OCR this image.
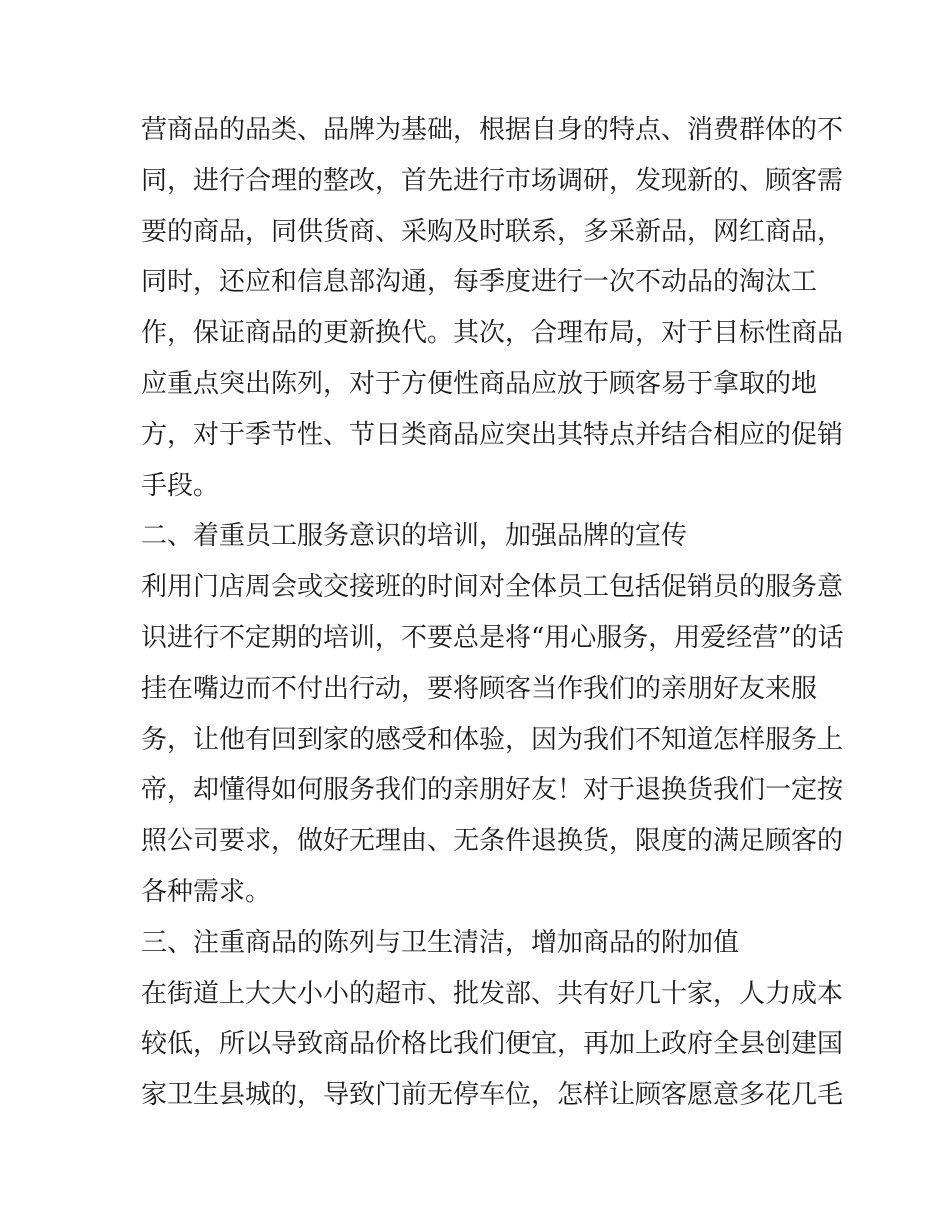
营商品的品类、品牌为基础，根据自身的特点、消费群体的不
同，进行合理的整改，首先进行市场调研，发现新的、顾客需
要的商品，同供货商、采购及时联系，多采新品，网红商品，
同时，还应和信息部沟通，每季度进行一次不动品的淘汰工
作，保证商品的更新换代。其次，合理布局，对于目标性商品
应重点突出陈列，对于方便性商品应放于顾客易于拿取的地
方，对于季节性、节日类商品应突出其特点并结合相应的促销
手段。
二、着重员工服务意识的培训，加强品牌的宣传
利用门店周会或交接班的时间对全体员工包括促销员的服务意
识进行不定期的培训，不要总是将“用心服务，用爱经营”的话
挂在嘴边而不付出行动，要将顾客当作我们的亲朋好友来服
务，让他有回到家的感受和体验，因为我们不知道怎样服务上
帝，却懂得如何服务我们的亲朋好友！对于退换货我们一定按
照公司要求，做好无理由、无条件退换货，限度的满足顾客的
各种需求。
三、注重商品的陈列与卫生清洁，增加商品的附加值
在街道上大大小小的超市、批发部、共有好几十家，人力成本
较低，所以导致商品价格比我们便宜，再加上政府全县创建国
家卫生县城的，导致门前无停车位，怎样让顾客愿意多花几毛
